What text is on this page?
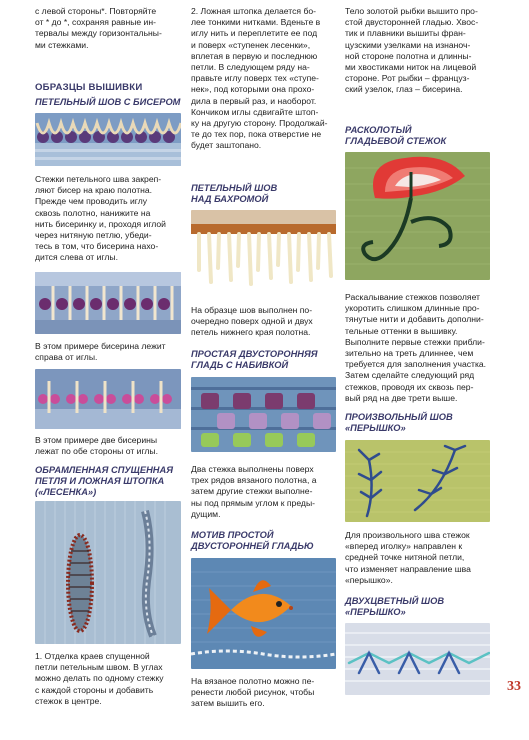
с левой стороны*. Повторяйте
от * до *, сохраняя равные ин-
тервалы между горизонтальны-
ми стежками.
ОБРАЗЦЫ ВЫШИВКИ
ПЕТЕЛЬНЫЙ ШОВ С БИСЕРОМ
Стежки петельного шва закреп-
ляют бисер на краю полотна.
Прежде чем проводить иглу
сквозь полотно, нанижите на
нить бисеринку и, проходя иглой
через нитяную петлю, убеди-
тесь в том, что бисерина нахо-
дится слева от иглы.
В этом примере бисерина лежит
справа от иглы.
В этом примере две бисерины
лежат по обе стороны от иглы.
ОБРАМЛЕННАЯ СПУЩЕННАЯ
ПЕТЛЯ И ЛОЖНАЯ ШТОПКА
(«ЛЕСЕНКА»)
1. Отделка краев спущенной
петли петельным швом. В углах
можно делать по одному стежку
с каждой стороны и добавить
стежок в центре.
2. Ложная штопка делается бо-
лее тонкими нитками. Вденьте в
иглу нить и переплетите ее под
и поверх «ступенек лесенки»,
вплетая в первую и последнюю
петли. В следующем ряду на-
правьте иглу поверх тех «ступе-
нек», под которыми она прохо-
дила в первый раз, и наоборот.
Кончиком иглы сдвигайте штоп-
ку на другую сторону. Продолжай-
те до тех пор, пока отверстие не
будет заштопано.
ПЕТЕЛЬНЫЙ ШОВ
НАД БАХРОМОЙ
На образце шов выполнен по-
очередно поверх одной и двух
петель нижнего края полотна.
ПРОСТАЯ ДВУСТОРОННЯЯ
ГЛАДЬ С НАБИВКОЙ
Два стежка выполнены поверх
трех рядов вязаного полотна, а
затем другие стежки выполне-
ны под прямым углом к преды-
дущим.
МОТИВ ПРОСТОЙ
ДВУСТОРОННЕЙ ГЛАДЬЮ
На вязаное полотно можно пе-
ренести любой рисунок, чтобы
затем вышить его.
Тело золотой рыбки вышито про-
стой двусторонней гладью. Хвос-
тик и плавники вышиты фран-
цузскими узелками на изнаноч-
ной стороне полотна и длинны-
ми хвостиками ниток на лицевой
стороне. Рот рыбки – француз-
ский узелок, глаз – бисерина.
РАСКОЛОТЫЙ
ГЛАДЬЕВОЙ СТЕЖОК
Раскалывание стежков позволяет
укоротить слишком длинные про-
тянутые нити и добавить дополни-
тельные оттенки в вышивку.
Выполните первые стежки прибли-
зительно на треть длиннее, чем
требуется для заполнения участка.
Затем сделайте следующий ряд
стежков, проводя их сквозь пер-
вый ряд на две трети выше.
ПРОИЗВОЛЬНЫЙ ШОВ
«ПЕРЫШКО»
Для произвольного шва стежок
«вперед иголку» направлен к
средней точке нитяной петли,
что изменяет направление шва
«перышко».
ДВУХЦВЕТНЫЙ ШОВ
«ПЕРЫШКО»
33
